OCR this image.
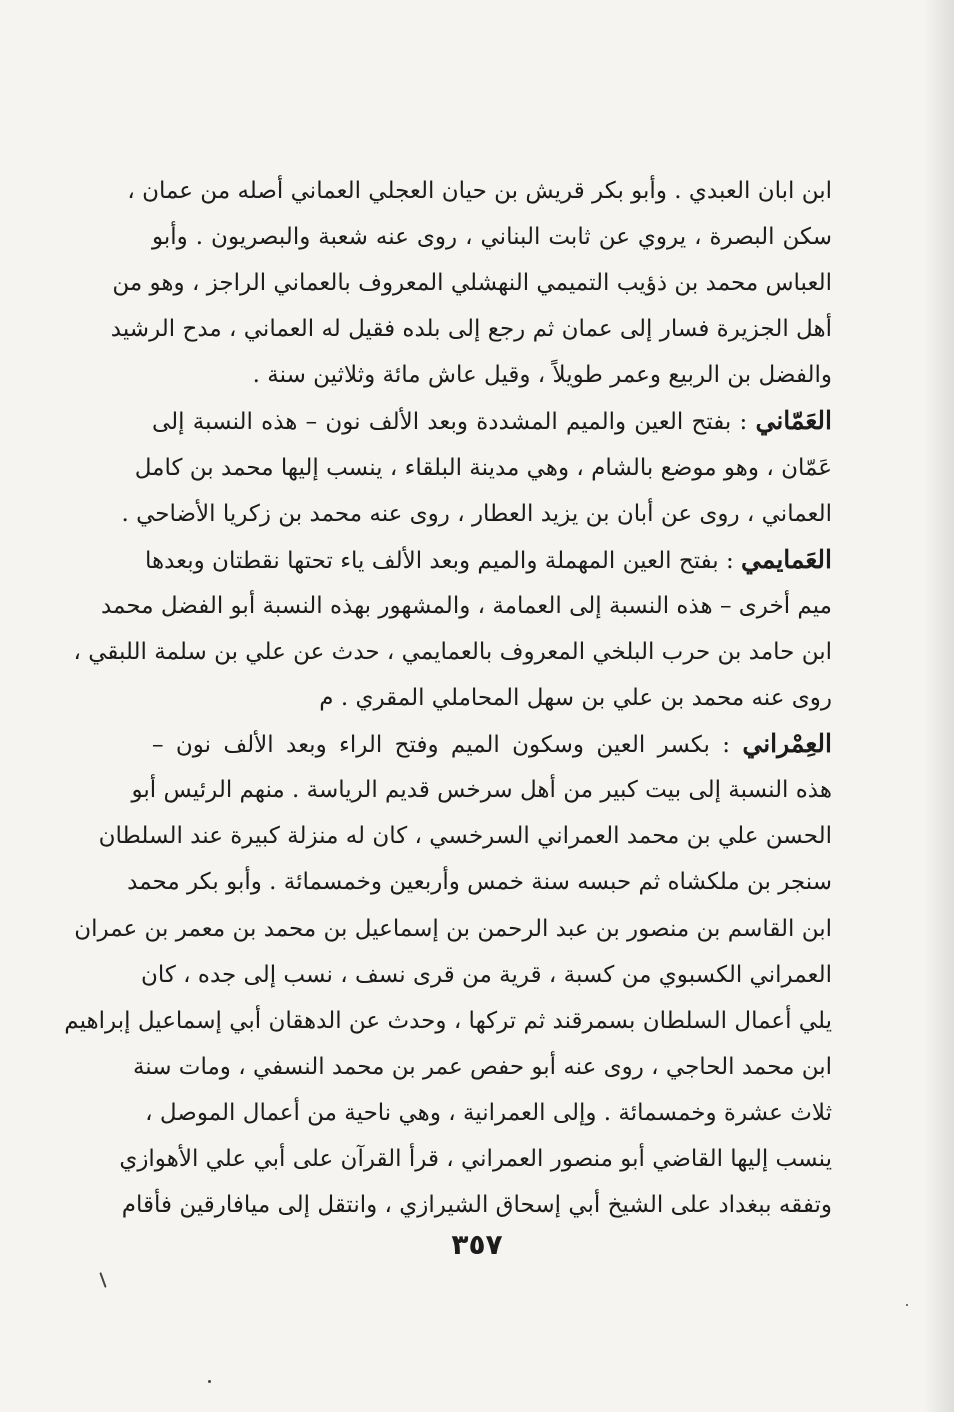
ابن ابان العبدي . وأبو بكر قريش بن حيان العجلي العماني أصله من عمان ،
سكن البصرة ، يروي عن ثابت البناني ، روى عنه شعبة والبصريون . وأبو
العباس محمد بن ذؤيب التميمي النهشلي المعروف بالعماني الراجز ، وهو من
أهل الجزيرة فسار إلى عمان ثم رجع إلى بلده فقيل له العماني ، مدح الرشيد
والفضل بن الربيع وعمر طويلاً ، وقيل عاش مائة وثلاثين سنة .
العَمّاني : بفتح العين والميم المشددة وبعد الألف نون – هذه النسبة إلى
عَمّان ، وهو موضع بالشام ، وهي مدينة البلقاء ، ينسب إليها محمد بن كامل
العماني ، روى عن أبان بن يزيد العطار ، روى عنه محمد بن زكريا الأضاحي .
العَمايمي : بفتح العين المهملة والميم وبعد الألف ياء تحتها نقطتان وبعدها
ميم أخرى – هذه النسبة إلى العمامة ، والمشهور بهذه النسبة أبو الفضل محمد
ابن حامد بن حرب البلخي المعروف بالعمايمي ، حدث عن علي بن سلمة اللبقي ،
روى عنه محمد بن علي بن سهل المحاملي المقري . م
العِمْراني : بكسر العين وسكون الميم وفتح الراء وبعد الألف نون –
هذه النسبة إلى بيت كبير من أهل سرخس قديم الرياسة . منهم الرئيس أبو
الحسن علي بن محمد العمراني السرخسي ، كان له منزلة كبيرة عند السلطان
سنجر بن ملكشاه ثم حبسه سنة خمس وأربعين وخمسمائة . وأبو بكر محمد
ابن القاسم بن منصور بن عبد الرحمن بن إسماعيل بن محمد بن معمر بن عمران
العمراني الكسبوي من كسبة ، قرية من قرى نسف ، نسب إلى جده ، كان
يلي أعمال السلطان بسمرقند ثم تركها ، وحدث عن الدهقان أبي إسماعيل إبراهيم
ابن محمد الحاجي ، روى عنه أبو حفص عمر بن محمد النسفي ، ومات سنة
ثلاث عشرة وخمسمائة . وإلى العمرانية ، وهي ناحية من أعمال الموصل ،
ينسب إليها القاضي أبو منصور العمراني ، قرأ القرآن على أبي علي الأهوازي
وتفقه ببغداد على الشيخ أبي إسحاق الشيرازي ، وانتقل إلى ميافارقين فأقام
٣٥٧
